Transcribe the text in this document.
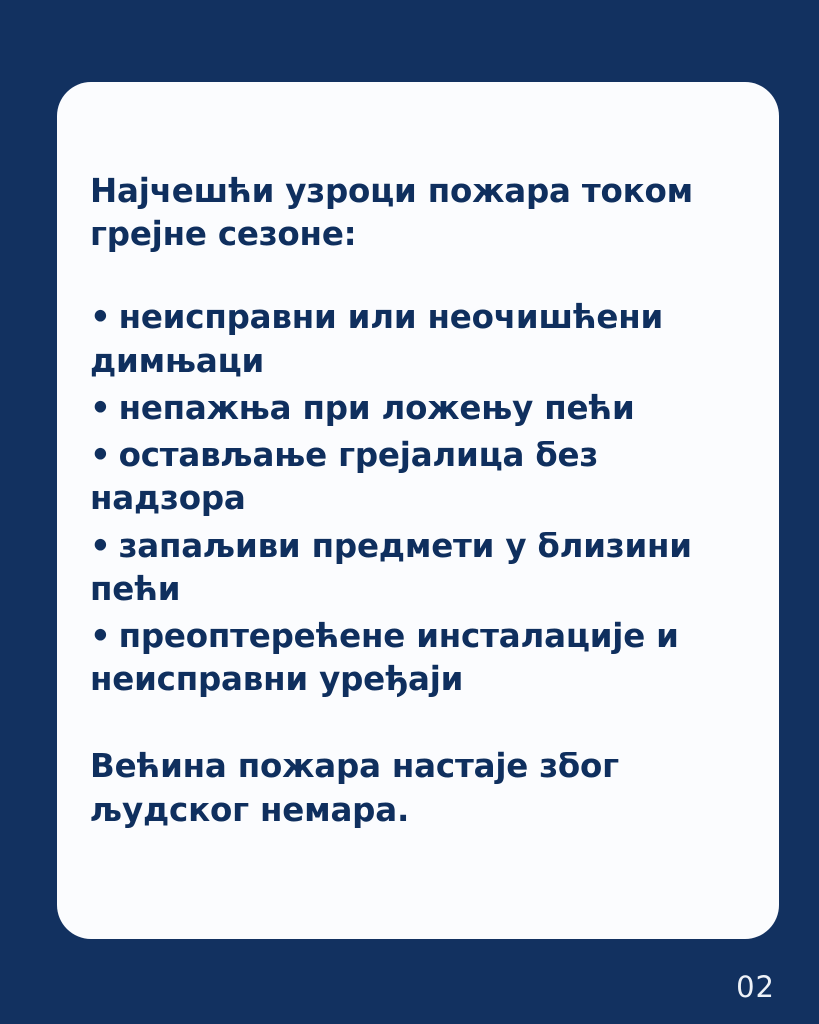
Најчешћи узроци пожара током грејне сезоне:

• неисправни или неочишћени димњаци
• непажња при ложењу пећи
• остављање грејалица без надзора
• запаљиви предмети у близини пећи
• преоптерећене инсталације и неисправни уређаји

Већина пожара настаје због људског немара.

02
